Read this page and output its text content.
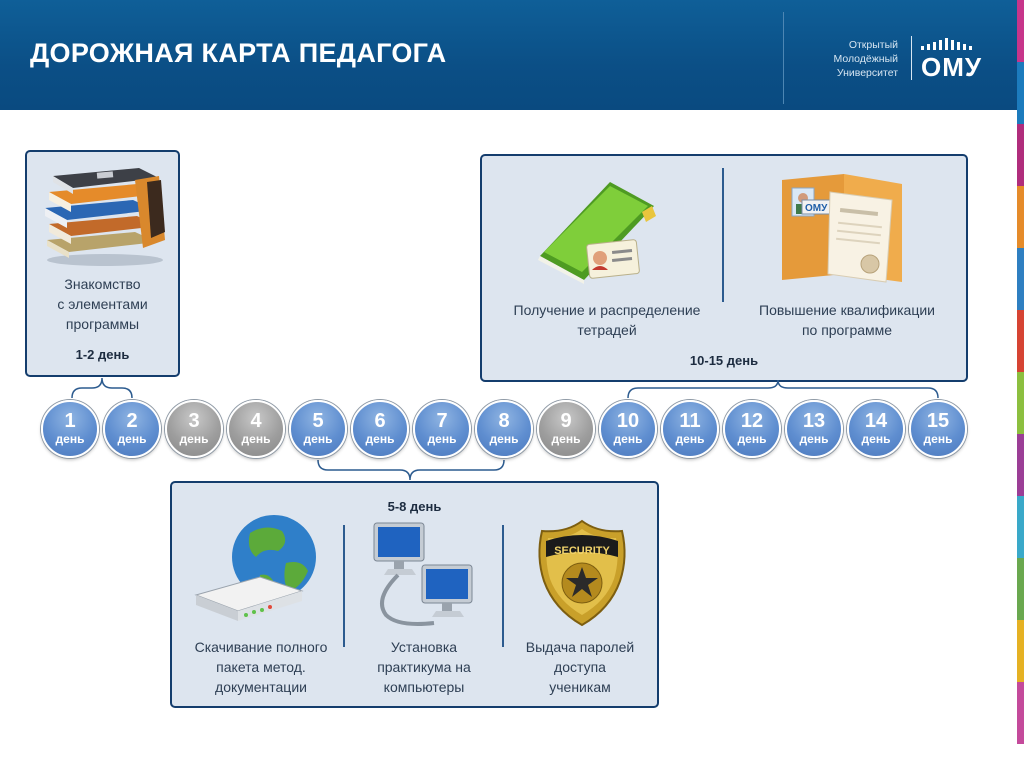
ДОРОЖНАЯ КАРТА ПЕДАГОГА	Открытый
Молодёжный
Университет ОМУ
Знакомство
с элементами
программы
1-2 день
ОМУ
Получение и распределение
тетрадей
Повышение квалификации
по программе
10-15 день
5-8 день
SECURITY
Скачивание полного
пакета метод.
документации
Установка
практикума на
компьютеры
Выдача паролей
доступа
ученикам
1
день
2
день
3
день
4
день
5
день
6
день
7
день
8
день
9
день
10
день
11
день
12
день
13
день
14
день
15
день
